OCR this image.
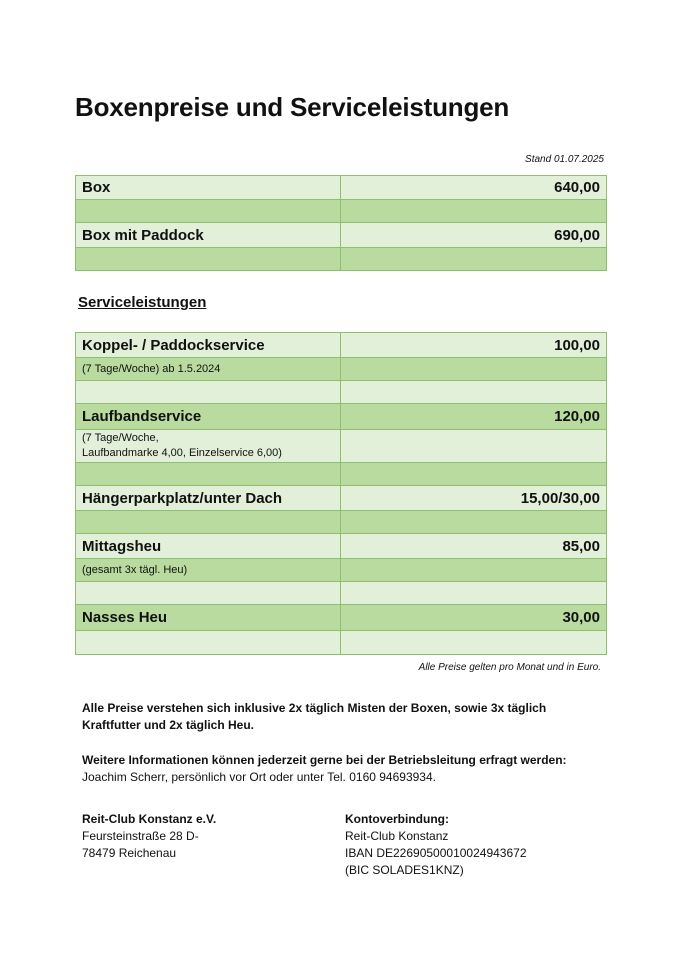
Boxenpreise und Serviceleistungen
Stand 01.07.2025
Box	640,00

Box mit Paddock	690,00

Serviceleistungen
Koppel- / Paddockservice	100,00
(7 Tage/Woche) ab 1.5.2024	

Laufbandservice	120,00

(7 Tage/Woche,
Laufbandmarke 4,00, Einzelservice 6,00)	

Hängerparkplatz/unter Dach	15,00/30,00

Mittagsheu	85,00
(gesamt 3x tägl. Heu)	

Nasses Heu	30,00

Alle Preise gelten pro Monat und in Euro.
Alle Preise verstehen sich inklusive 2x täglich Misten der Boxen, sowie 3x täglich
Kraftfutter und 2x täglich Heu.
Weitere Informationen können jederzeit gerne bei der Betriebsleitung erfragt werden:
Joachim Scherr, persönlich vor Ort oder unter Tel. 0160 94693934.
Reit-Club Konstanz e.V.
Feursteinstraße 28 D-
78479 Reichenau
Kontoverbindung:
Reit-Club Konstanz
IBAN DE22690500010024943672
(BIC SOLADES1KNZ)
